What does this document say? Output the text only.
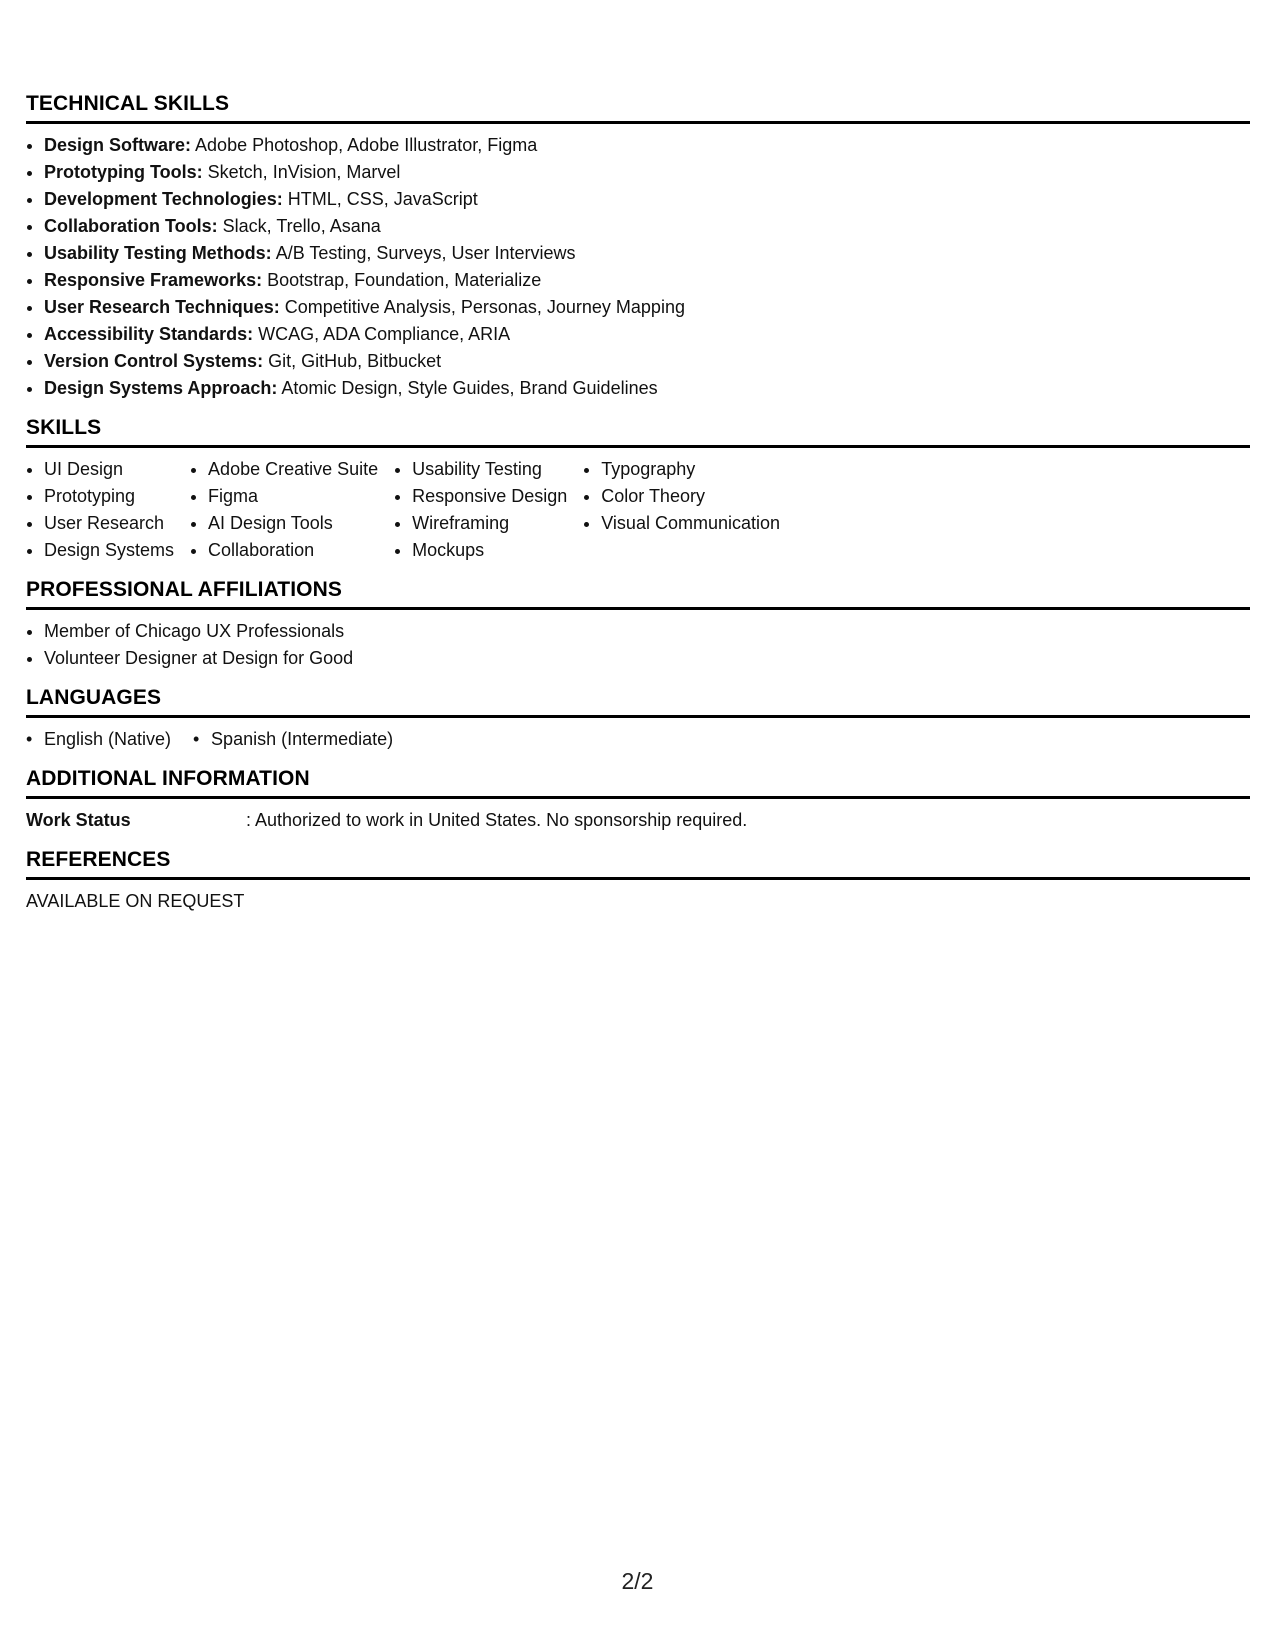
TECHNICAL SKILLS
• Design Software: Adobe Photoshop, Adobe Illustrator, Figma
• Prototyping Tools: Sketch, InVision, Marvel
• Development Technologies: HTML, CSS, JavaScript
• Collaboration Tools: Slack, Trello, Asana
• Usability Testing Methods: A/B Testing, Surveys, User Interviews
• Responsive Frameworks: Bootstrap, Foundation, Materialize
• User Research Techniques: Competitive Analysis, Personas, Journey Mapping
• Accessibility Standards: WCAG, ADA Compliance, ARIA
• Version Control Systems: Git, GitHub, Bitbucket
• Design Systems Approach: Atomic Design, Style Guides, Brand Guidelines
SKILLS
• UI Design
• Prototyping
• User Research
• Design Systems
• Adobe Creative Suite
• Figma
• AI Design Tools
• Collaboration
• Usability Testing
• Responsive Design
• Wireframing
• Mockups
• Typography
• Color Theory
• Visual Communication
PROFESSIONAL AFFILIATIONS
• Member of Chicago UX Professionals
• Volunteer Designer at Design for Good
LANGUAGES
• English (Native)
•	Spanish (Intermediate)
ADDITIONAL INFORMATION
Work Status	: Authorized to work in United States. No sponsorship required.
REFERENCES
AVAILABLE ON REQUEST
2/2
